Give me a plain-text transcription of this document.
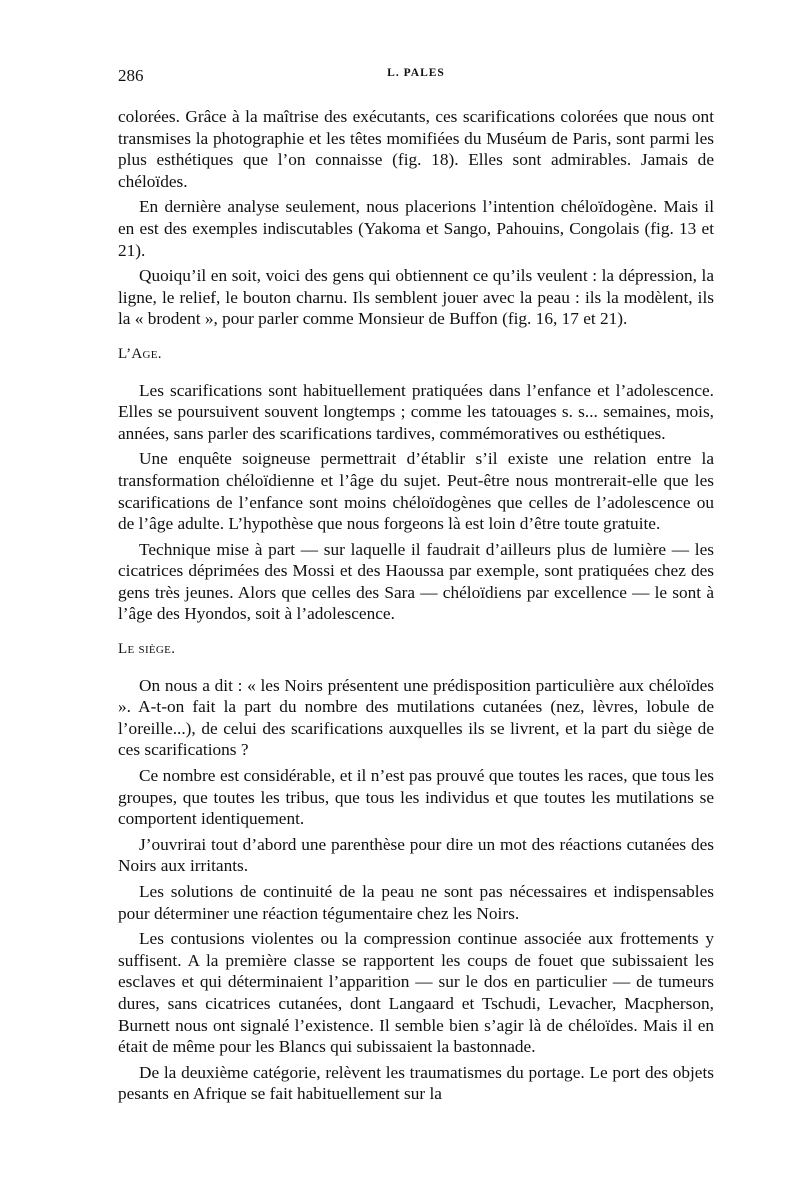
286	L. PALES

colorées. Grâce à la maîtrise des exécutants, ces scarifications colorées que nous ont transmises la photographie et les têtes momifiées du Muséum de Paris, sont parmi les plus esthétiques que l’on connaisse (fig. 18). Elles sont admirables. Jamais de chéloïdes.

En dernière analyse seulement, nous placerions l’intention chéloïdogène. Mais il en est des exemples indiscutables (Yakoma et Sango, Pahouins, Congolais (fig. 13 et 21).

Quoiqu’il en soit, voici des gens qui obtiennent ce qu’ils veulent : la dépression, la ligne, le relief, le bouton charnu. Ils semblent jouer avec la peau : ils la modèlent, ils la « brodent », pour parler comme Monsieur de Buffon (fig. 16, 17 et 21).

L’Age.

Les scarifications sont habituellement pratiquées dans l’enfance et l’adolescence. Elles se poursuivent souvent longtemps ; comme les tatouages s. s... semaines, mois, années, sans parler des scarifications tardives, commémoratives ou esthétiques.

Une enquête soigneuse permettrait d’établir s’il existe une relation entre la transformation chéloïdienne et l’âge du sujet. Peut-être nous montrerait-elle que les scarifications de l’enfance sont moins chéloïdogènes que celles de l’adolescence ou de l’âge adulte. L’hypothèse que nous forgeons là est loin d’être toute gratuite.

Technique mise à part — sur laquelle il faudrait d’ailleurs plus de lumière — les cicatrices déprimées des Mossi et des Haoussa par exemple, sont pratiquées chez des gens très jeunes. Alors que celles des Sara — chéloïdiens par excellence — le sont à l’âge des Hyondos, soit à l’adolescence.

Le siège.

On nous a dit : « les Noirs présentent une prédisposition particulière aux chéloïdes ». A-t-on fait la part du nombre des mutilations cutanées (nez, lèvres, lobule de l’oreille...), de celui des scarifications auxquelles ils se livrent, et la part du siège de ces scarifications ?

Ce nombre est considérable, et il n’est pas prouvé que toutes les races, que tous les groupes, que toutes les tribus, que tous les individus et que toutes les mutilations se comportent identiquement.

J’ouvrirai tout d’abord une parenthèse pour dire un mot des réactions cutanées des Noirs aux irritants.

Les solutions de continuité de la peau ne sont pas nécessaires et indispensables pour déterminer une réaction tégumentaire chez les Noirs.

Les contusions violentes ou la compression continue associée aux frottements y suffisent. A la première classe se rapportent les coups de fouet que subissaient les esclaves et qui déterminaient l’apparition — sur le dos en particulier — de tumeurs dures, sans cicatrices cutanées, dont Langaard et Tschudi, Levacher, Macpherson, Burnett nous ont signalé l’existence. Il semble bien s’agir là de chéloïdes. Mais il en était de même pour les Blancs qui subissaient la bastonnade.

De la deuxième catégorie, relèvent les traumatismes du portage. Le port des objets pesants en Afrique se fait habituellement sur la
